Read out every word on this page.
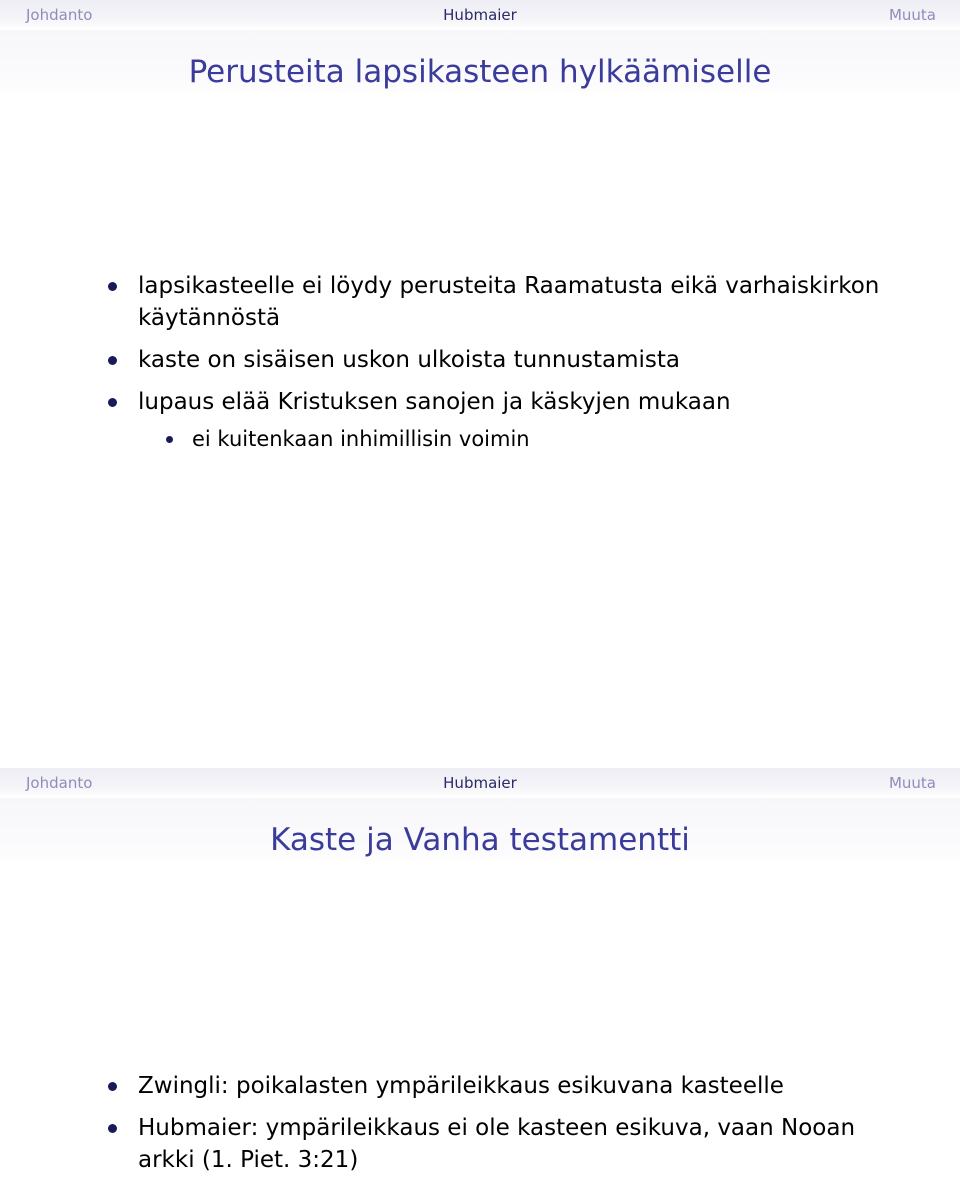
Johdanto	Hubmaier	Muuta
Perusteita lapsikasteen hylkäämiselle
lapsikasteelle ei löydy perusteita Raamatusta eikä varhaiskirkon käytännöstä
kaste on sisäisen uskon ulkoista tunnustamista
lupaus elää Kristuksen sanojen ja käskyjen mukaan
ei kuitenkaan inhimillisin voimin
Johdanto	Hubmaier	Muuta
Kaste ja Vanha testamentti
Zwingli: poikalasten ympärileikkaus esikuvana kasteelle
Hubmaier: ympärileikkaus ei ole kasteen esikuva, vaan Nooan arkki (1. Piet. 3:21)
